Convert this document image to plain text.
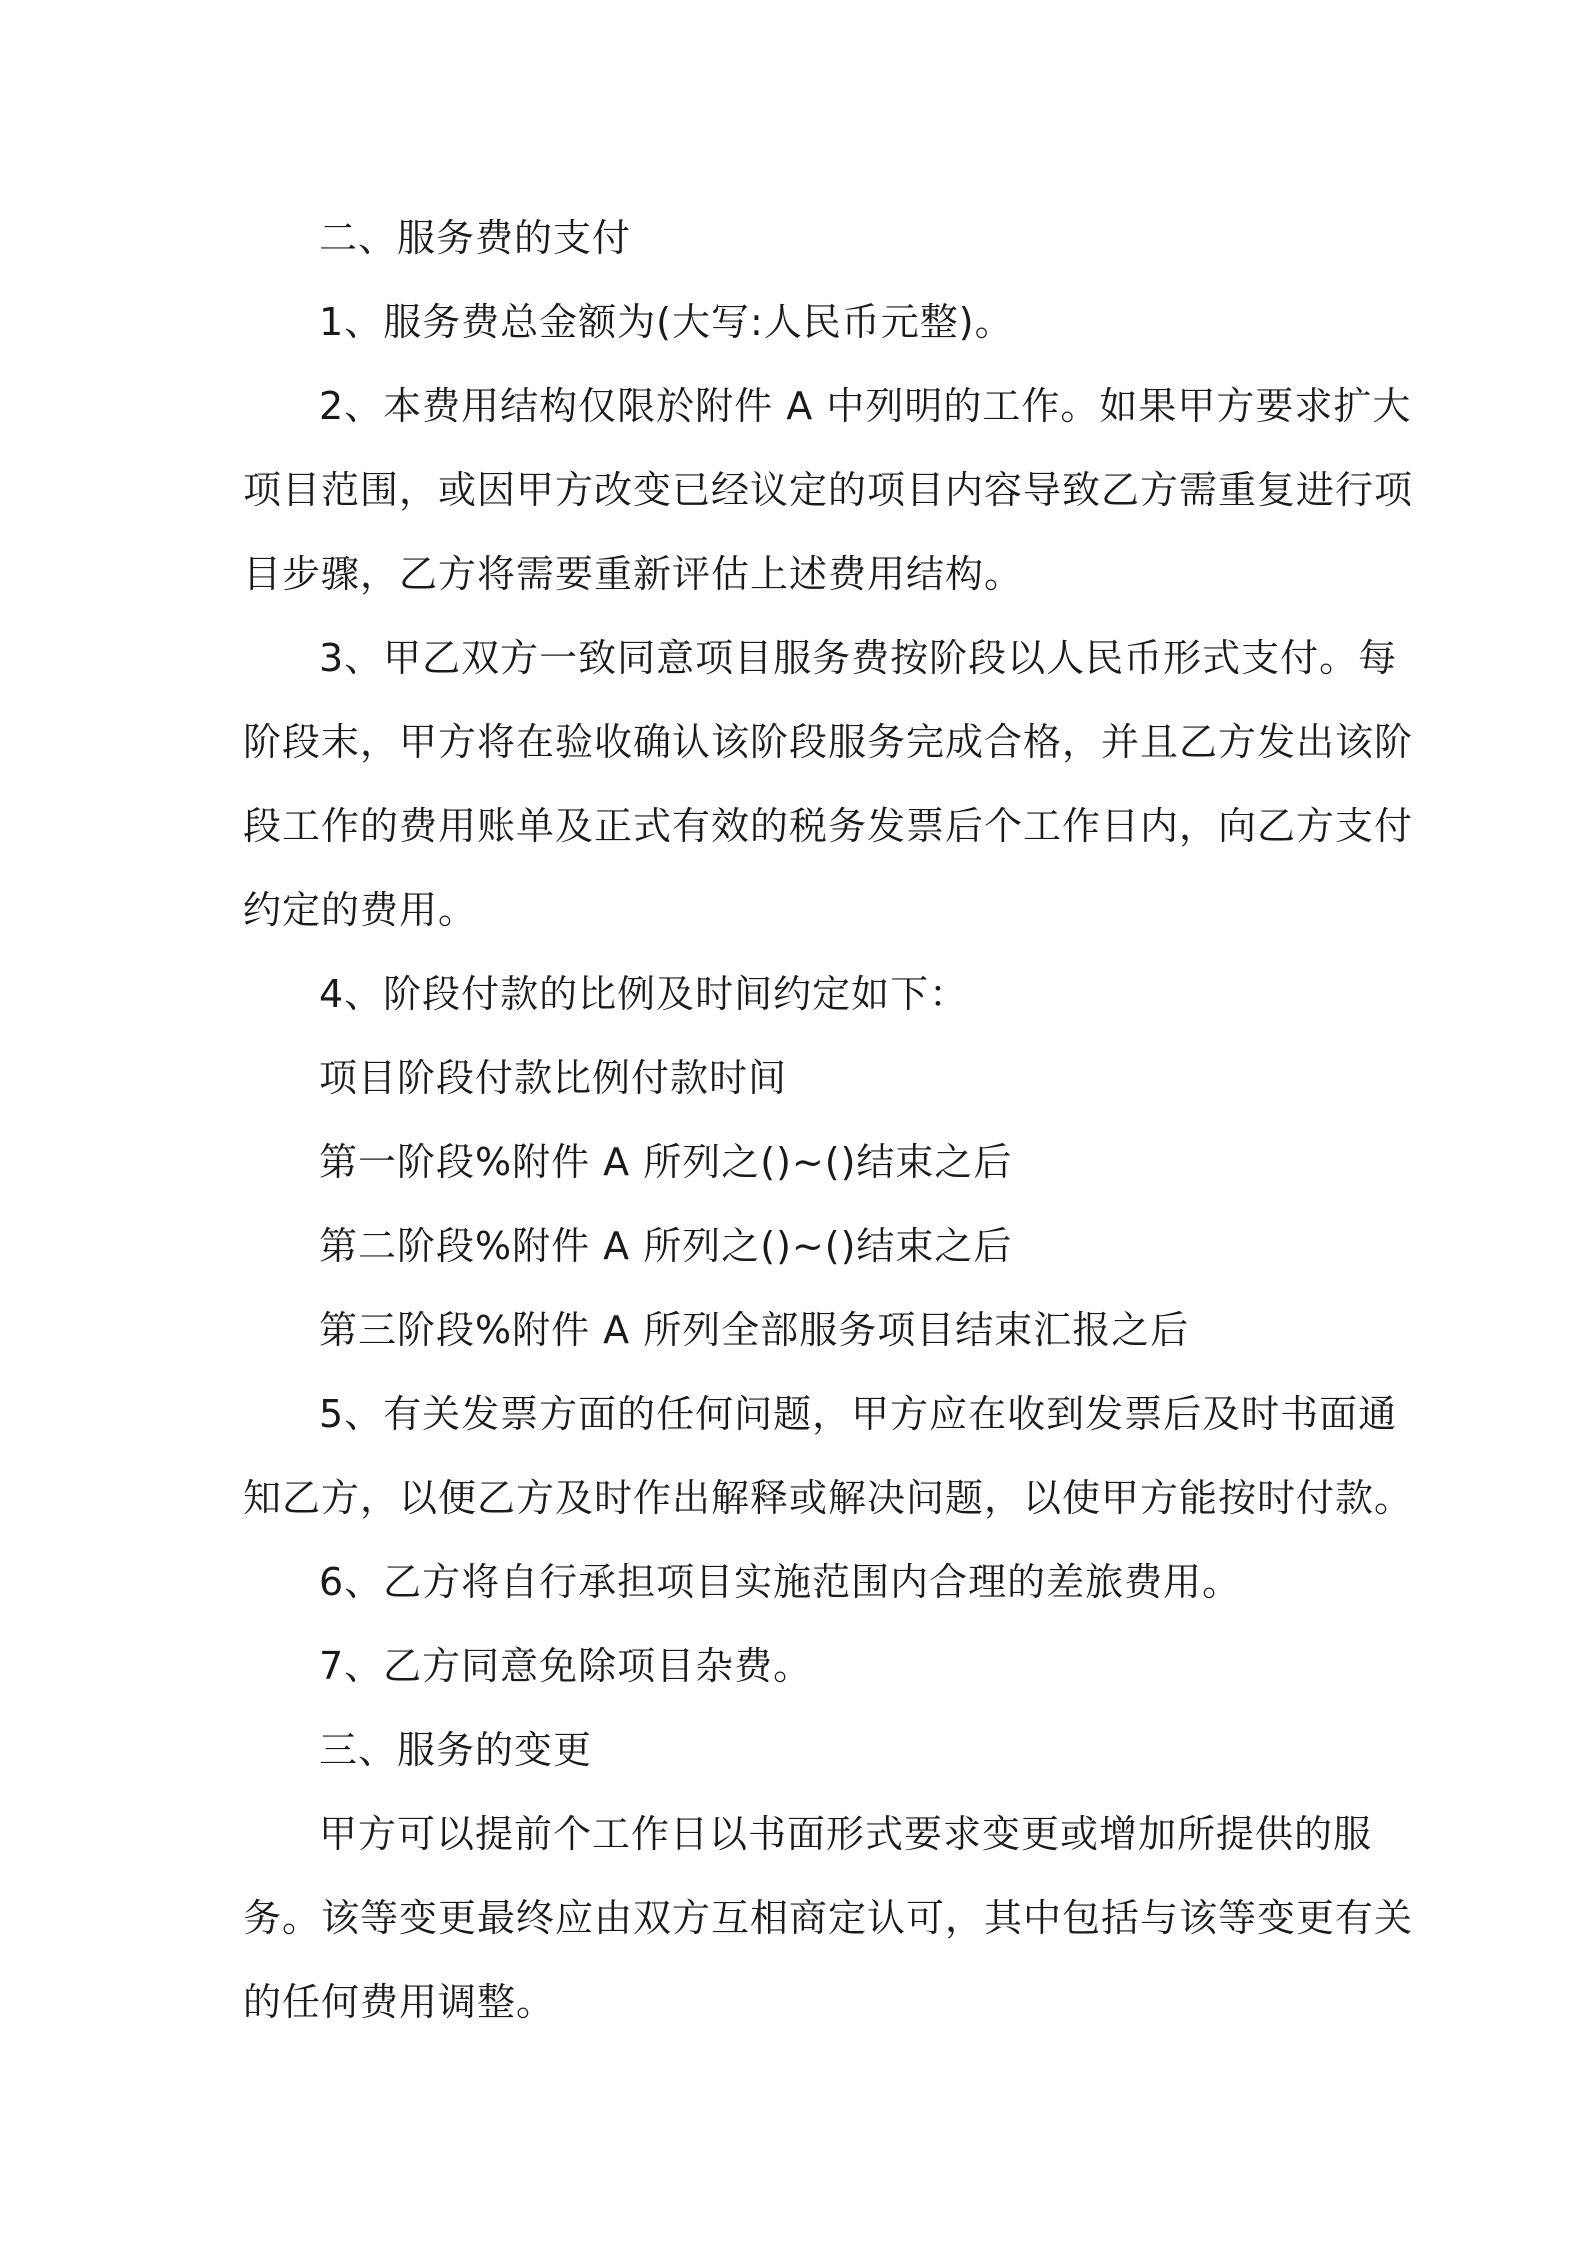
二、服务费的支付

1、服务费总金额为(大写:人民币元整)。

2、本费用结构仅限於附件 A 中列明的工作。如果甲方要求扩大

项目范围，或因甲方改变已经议定的项目内容导致乙方需重复进行项

目步骤，乙方将需要重新评估上述费用结构。

3、甲乙双方一致同意项目服务费按阶段以人民币形式支付。每

阶段末，甲方将在验收确认该阶段服务完成合格，并且乙方发出该阶

段工作的费用账单及正式有效的税务发票后个工作日内，向乙方支付

约定的费用。

4、阶段付款的比例及时间约定如下：

项目阶段付款比例付款时间

第一阶段%附件 A 所列之()~()结束之后

第二阶段%附件 A 所列之()~()结束之后

第三阶段%附件 A 所列全部服务项目结束汇报之后

5、有关发票方面的任何问题，甲方应在收到发票后及时书面通

知乙方，以便乙方及时作出解释或解决问题，以使甲方能按时付款。

6、乙方将自行承担项目实施范围内合理的差旅费用。

7、乙方同意免除项目杂费。

三、服务的变更

甲方可以提前个工作日以书面形式要求变更或增加所提供的服

务。该等变更最终应由双方互相商定认可，其中包括与该等变更有关

的任何费用调整。
